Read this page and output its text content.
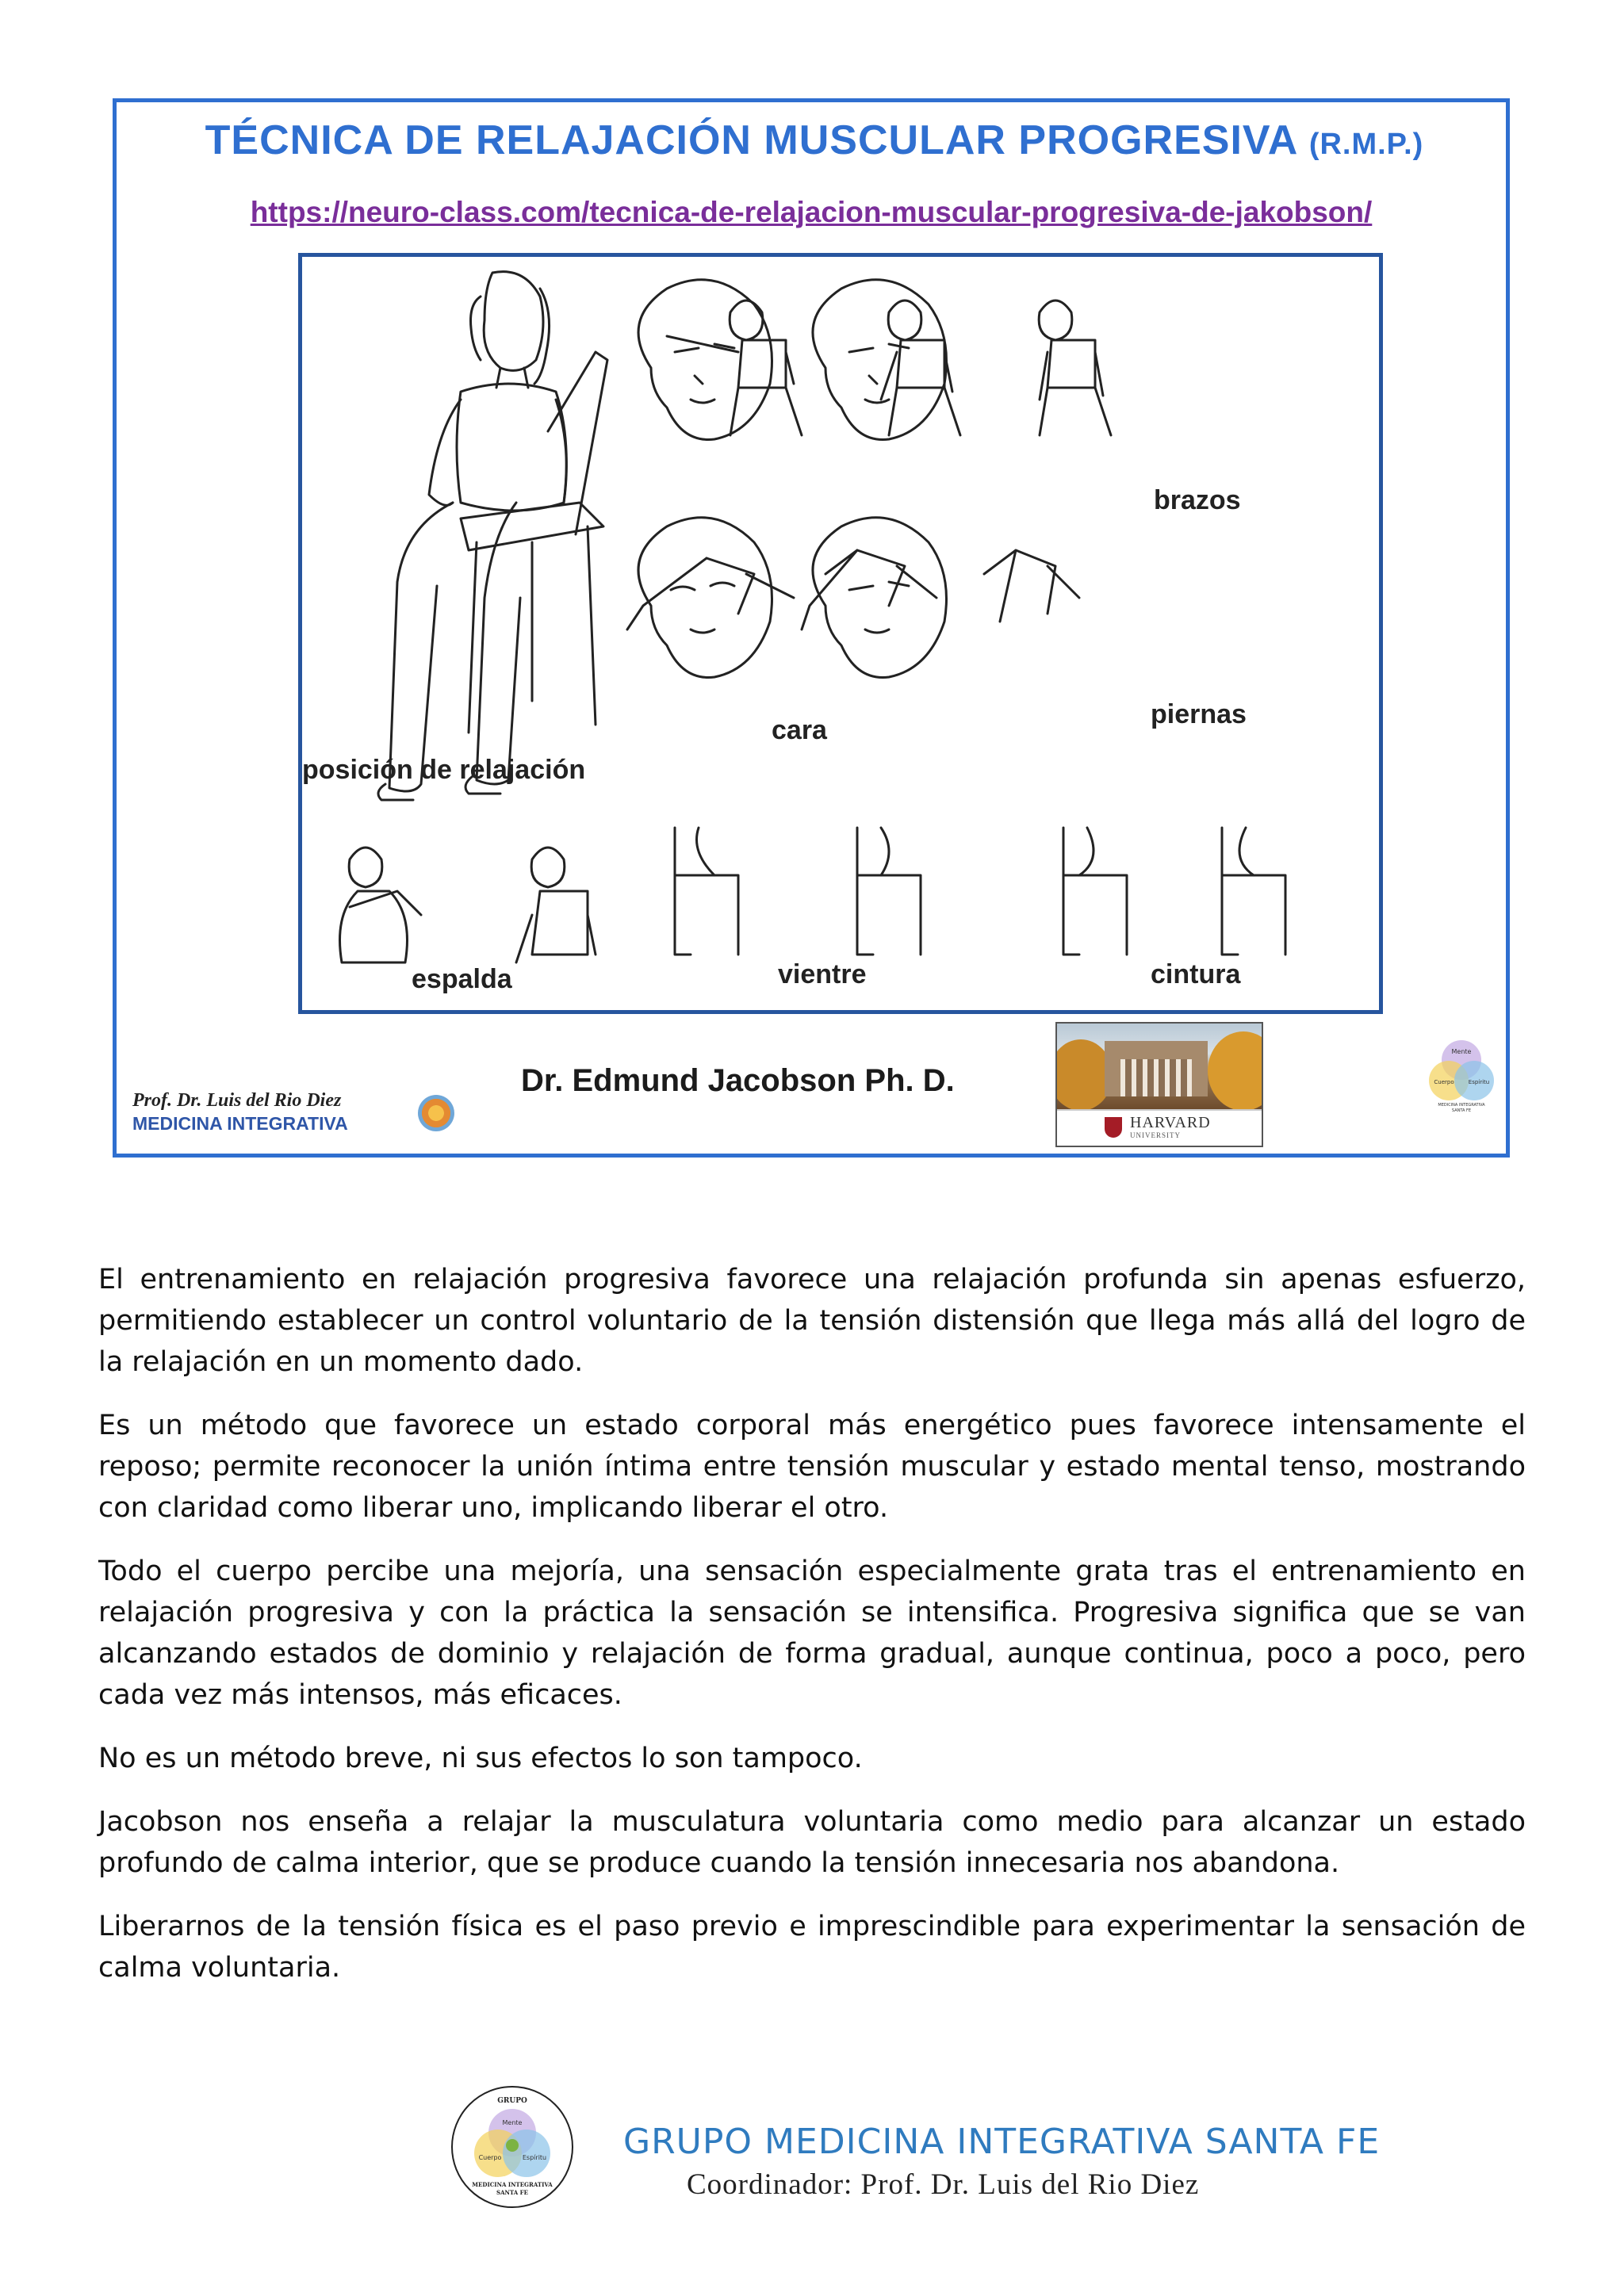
TÉCNICA DE RELAJACIÓN MUSCULAR PROGRESIVA (R.M.P.)
https://neuro-class.com/tecnica-de-relajacion-muscular-progresiva-de-jakobson/
posición de relajación
cara
brazos
piernas
espalda	vientre	cintura
Dr. Edmund Jacobson Ph. D.
HARVARD
UNIVERSITY
Prof. Dr. Luis del Rio Diez
MEDICINA INTEGRATIVA
Mente
Cuerpo	Espíritu
MEDICINA INTEGRATIVA
SANTA FE

El entrenamiento en relajación progresiva favorece una relajación profunda sin apenas esfuerzo, permitiendo establecer un control voluntario de la tensión distensión que llega más allá del logro de la relajación en un momento dado.

Es un método que favorece un estado corporal más energético pues favorece intensamente el reposo; permite reconocer la unión íntima entre tensión muscular y estado mental tenso, mostrando con claridad como liberar uno, implicando liberar el otro.

Todo el cuerpo percibe una mejoría, una sensación especialmente grata tras el entrenamiento en relajación progresiva y con la práctica la sensación se intensifica. Progresiva significa que se van alcanzando estados de dominio y relajación de forma gradual, aunque continua, poco a poco, pero cada vez más intensos, más eficaces.

No es un método breve, ni sus efectos lo son tampoco.

Jacobson nos enseña a relajar la musculatura voluntaria como medio para alcanzar un estado profundo de calma interior, que se produce cuando la tensión innecesaria nos abandona.

Liberarnos de la tensión física es el paso previo e imprescindible para experimentar la sensación de calma voluntaria.

GRUPO
Mente
Cuerpo	Espíritu
MEDICINA INTEGRATIVA
SANTA FE
GRUPO MEDICINA INTEGRATIVA SANTA FE
Coordinador: Prof. Dr. Luis del Rio Diez
